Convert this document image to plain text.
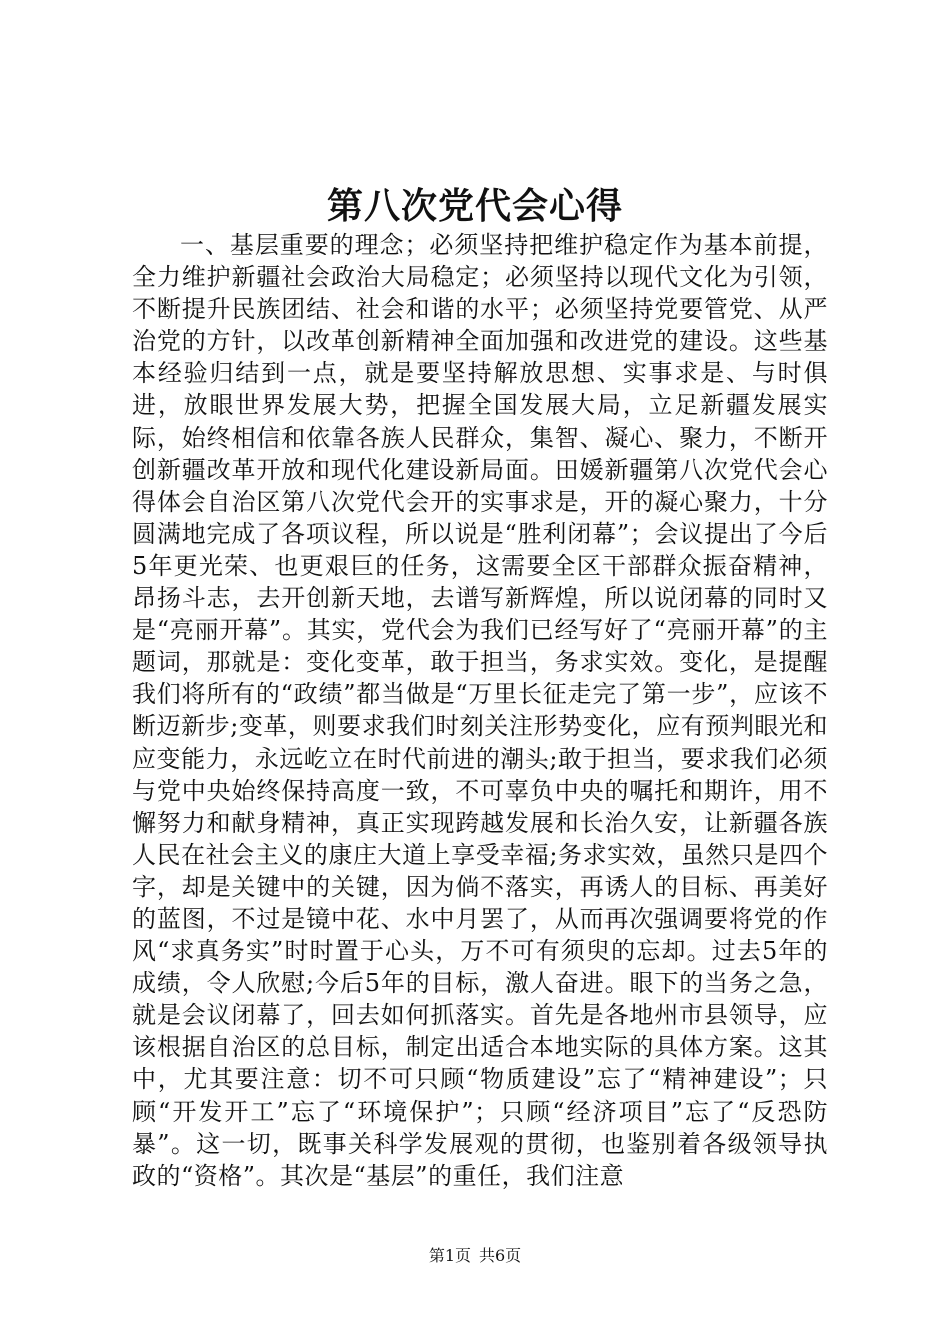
第八次党代会心得

一、基层重要的理念；必须坚持把维护稳定作为基本前提，全力维护新疆社会政治大局稳定；必须坚持以现代文化为引领，不断提升民族团结、社会和谐的水平；必须坚持党要管党、从严治党的方针，以改革创新精神全面加强和改进党的建设。这些基本经验归结到一点，就是要坚持解放思想、实事求是、与时俱进，放眼世界发展大势，把握全国发展大局，立足新疆发展实际，始终相信和依靠各族人民群众，集智、凝心、聚力，不断开创新疆改革开放和现代化建设新局面。田媛新疆第八次党代会心得体会自治区第八次党代会开的实事求是，开的凝心聚力，十分圆满地完成了各项议程，所以说是“胜利闭幕”；会议提出了今后5年更光荣、也更艰巨的任务，这需要全区干部群众振奋精神，昂扬斗志，去开创新天地，去谱写新辉煌，所以说闭幕的同时又是“亮丽开幕”。其实，党代会为我们已经写好了“亮丽开幕”的主题词，那就是：变化变革，敢于担当，务求实效。变化，是提醒我们将所有的“政绩”都当做是“万里长征走完了第一步”，应该不断迈新步;变革，则要求我们时刻关注形势变化，应有预判眼光和应变能力，永远屹立在时代前进的潮头;敢于担当，要求我们必须与党中央始终保持高度一致，不可辜负中央的嘱托和期许，用不懈努力和献身精神，真正实现跨越发展和长治久安，让新疆各族人民在社会主义的康庄大道上享受幸福;务求实效，虽然只是四个字，却是关键中的关键，因为倘不落实，再诱人的目标、再美好的蓝图，不过是镜中花、水中月罢了，从而再次强调要将党的作风“求真务实”时时置于心头，万不可有须臾的忘却。过去5年的成绩，令人欣慰;今后5年的目标，激人奋进。眼下的当务之急，就是会议闭幕了，回去如何抓落实。首先是各地州市县领导，应该根据自治区的总目标，制定出适合本地实际的具体方案。这其中，尤其要注意：切不可只顾“物质建设”忘了“精神建设”；只顾“开发开工”忘了“环境保护”；只顾“经济项目”忘了“反恐防暴”。这一切，既事关科学发展观的贯彻，也鉴别着各级领导执政的“资格”。其次是“基层”的重任，我们注意

第1页 共6页
